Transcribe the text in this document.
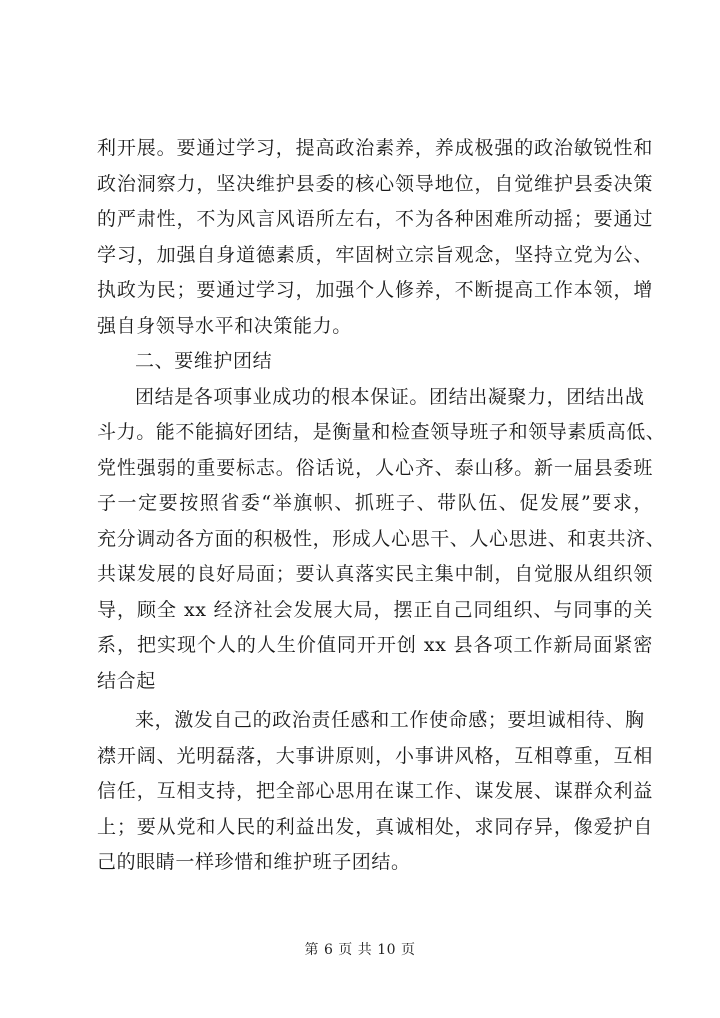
利开展。要通过学习，提高政治素养，养成极强的政治敏锐性和
政治洞察力，坚决维护县委的核心领导地位，自觉维护县委决策
的严肃性，不为风言风语所左右，不为各种困难所动摇；要通过
学习，加强自身道德素质，牢固树立宗旨观念，坚持立党为公、
执政为民；要通过学习，加强个人修养，不断提高工作本领，增
强自身领导水平和决策能力。
二、要维护团结
团结是各项事业成功的根本保证。团结出凝聚力，团结出战
斗力。能不能搞好团结，是衡量和检查领导班子和领导素质高低、
党性强弱的重要标志。俗话说，人心齐、泰山移。新一届县委班
子一定要按照省委“举旗帜、抓班子、带队伍、促发展”要求，
充分调动各方面的积极性，形成人心思干、人心思进、和衷共济、
共谋发展的良好局面；要认真落实民主集中制，自觉服从组织领
导，顾全 xx 经济社会发展大局，摆正自己同组织、与同事的关
系，把实现个人的人生价值同开开创 xx 县各项工作新局面紧密
结合起
来，激发自己的政治责任感和工作使命感；要坦诚相待、胸
襟开阔、光明磊落，大事讲原则，小事讲风格，互相尊重，互相
信任，互相支持，把全部心思用在谋工作、谋发展、谋群众利益
上；要从党和人民的利益出发，真诚相处，求同存异，像爱护自
己的眼睛一样珍惜和维护班子团结。
第 6 页 共 10 页
